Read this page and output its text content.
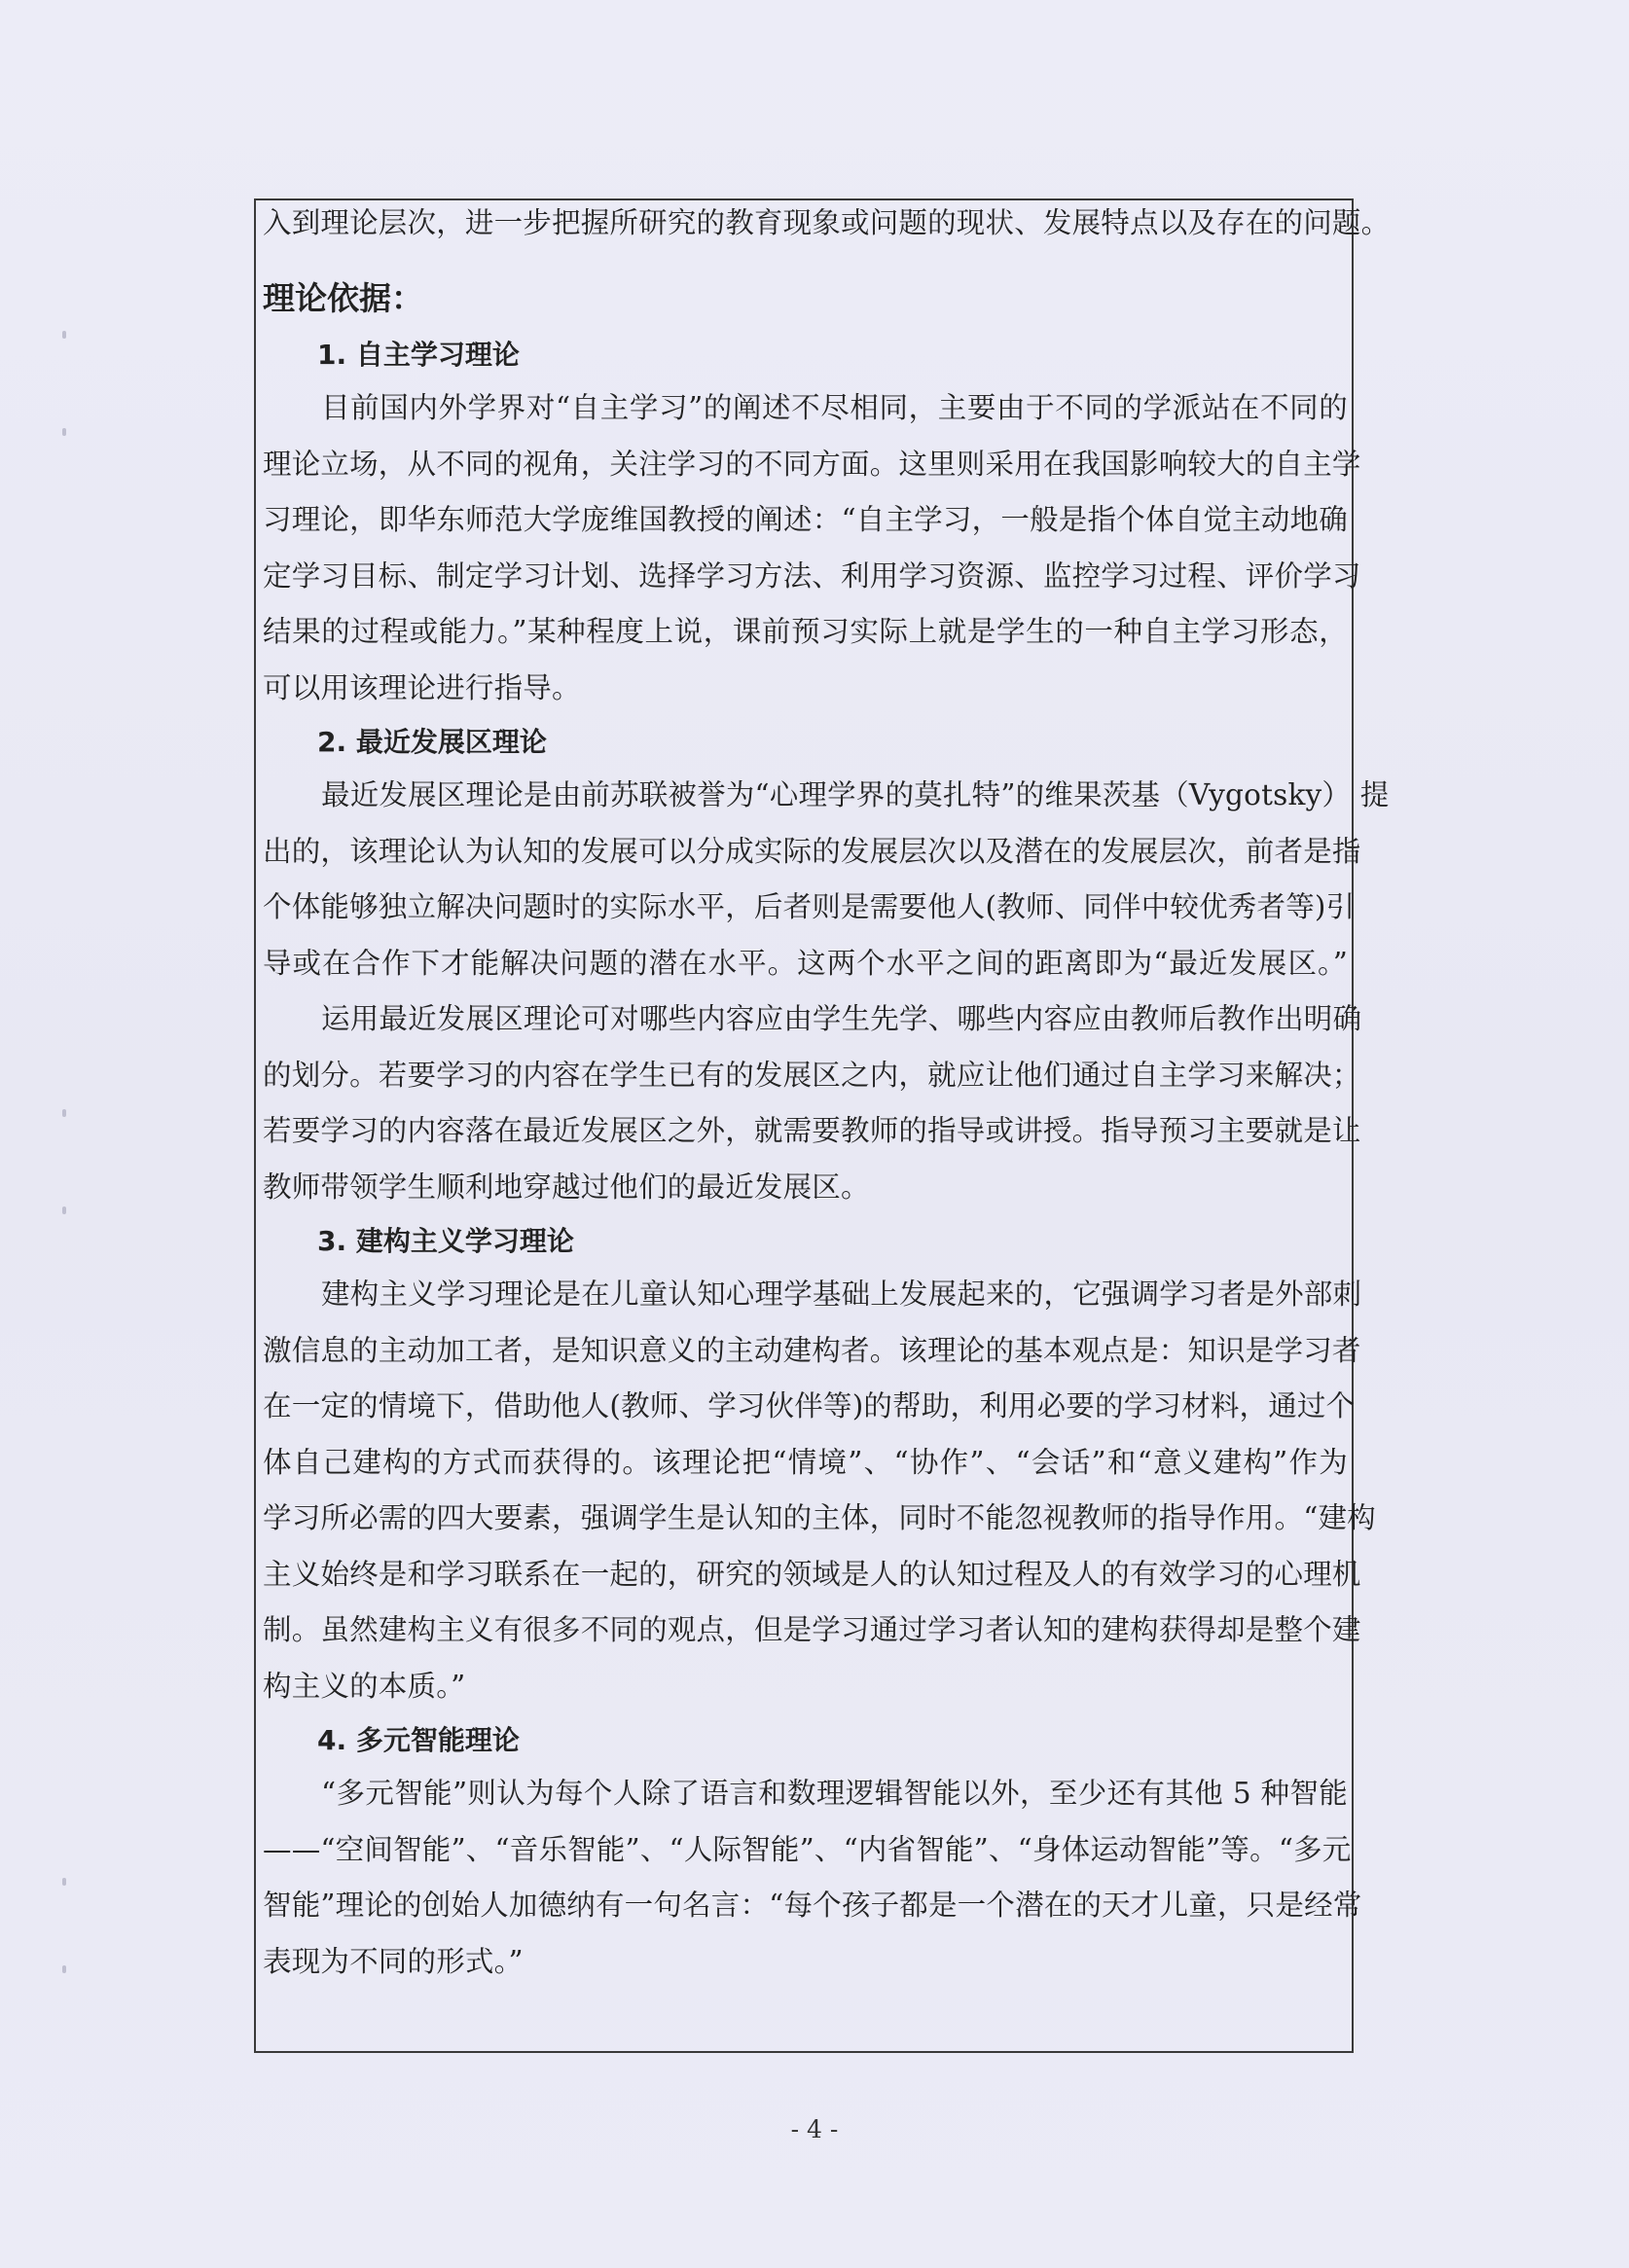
入到理论层次，进一步把握所研究的教育现象或问题的现状、发展特点以及存在的问题。
理论依据：
1. 自主学习理论
目前国内外学界对“自主学习”的阐述不尽相同，主要由于不同的学派站在不同的
理论立场，从不同的视角，关注学习的不同方面。这里则采用在我国影响较大的自主学
习理论，即华东师范大学庞维国教授的阐述：“自主学习，一般是指个体自觉主动地确
定学习目标、制定学习计划、选择学习方法、利用学习资源、监控学习过程、评价学习
结果的过程或能力。”某种程度上说，课前预习实际上就是学生的一种自主学习形态，
可以用该理论进行指导。
2. 最近发展区理论
最近发展区理论是由前苏联被誉为“心理学界的莫扎特”的维果茨基（Vygotsky） 提
出的，该理论认为认知的发展可以分成实际的发展层次以及潜在的发展层次，前者是指
个体能够独立解决问题时的实际水平，后者则是需要他人(教师、同伴中较优秀者等)引
导或在合作下才能解决问题的潜在水平。这两个水平之间的距离即为“最近发展区。”
运用最近发展区理论可对哪些内容应由学生先学、哪些内容应由教师后教作出明确
的划分。若要学习的内容在学生已有的发展区之内，就应让他们通过自主学习来解决；
若要学习的内容落在最近发展区之外，就需要教师的指导或讲授。指导预习主要就是让
教师带领学生顺利地穿越过他们的最近发展区。
3. 建构主义学习理论
建构主义学习理论是在儿童认知心理学基础上发展起来的，它强调学习者是外部刺
激信息的主动加工者，是知识意义的主动建构者。该理论的基本观点是：知识是学习者
在一定的情境下，借助他人(教师、学习伙伴等)的帮助，利用必要的学习材料，通过个
体自己建构的方式而获得的。该理论把“情境”、“协作”、“会话”和“意义建构”作为
学习所必需的四大要素，强调学生是认知的主体，同时不能忽视教师的指导作用。“建构
主义始终是和学习联系在一起的，研究的领域是人的认知过程及人的有效学习的心理机
制。虽然建构主义有很多不同的观点，但是学习通过学习者认知的建构获得却是整个建
构主义的本质。”
4. 多元智能理论
“多元智能”则认为每个人除了语言和数理逻辑智能以外，至少还有其他 5 种智能
——“空间智能”、“音乐智能”、“人际智能”、“内省智能”、“身体运动智能”等。“多元
智能”理论的创始人加德纳有一句名言：“每个孩子都是一个潜在的天才儿童，只是经常
表现为不同的形式。”
- 4 -
